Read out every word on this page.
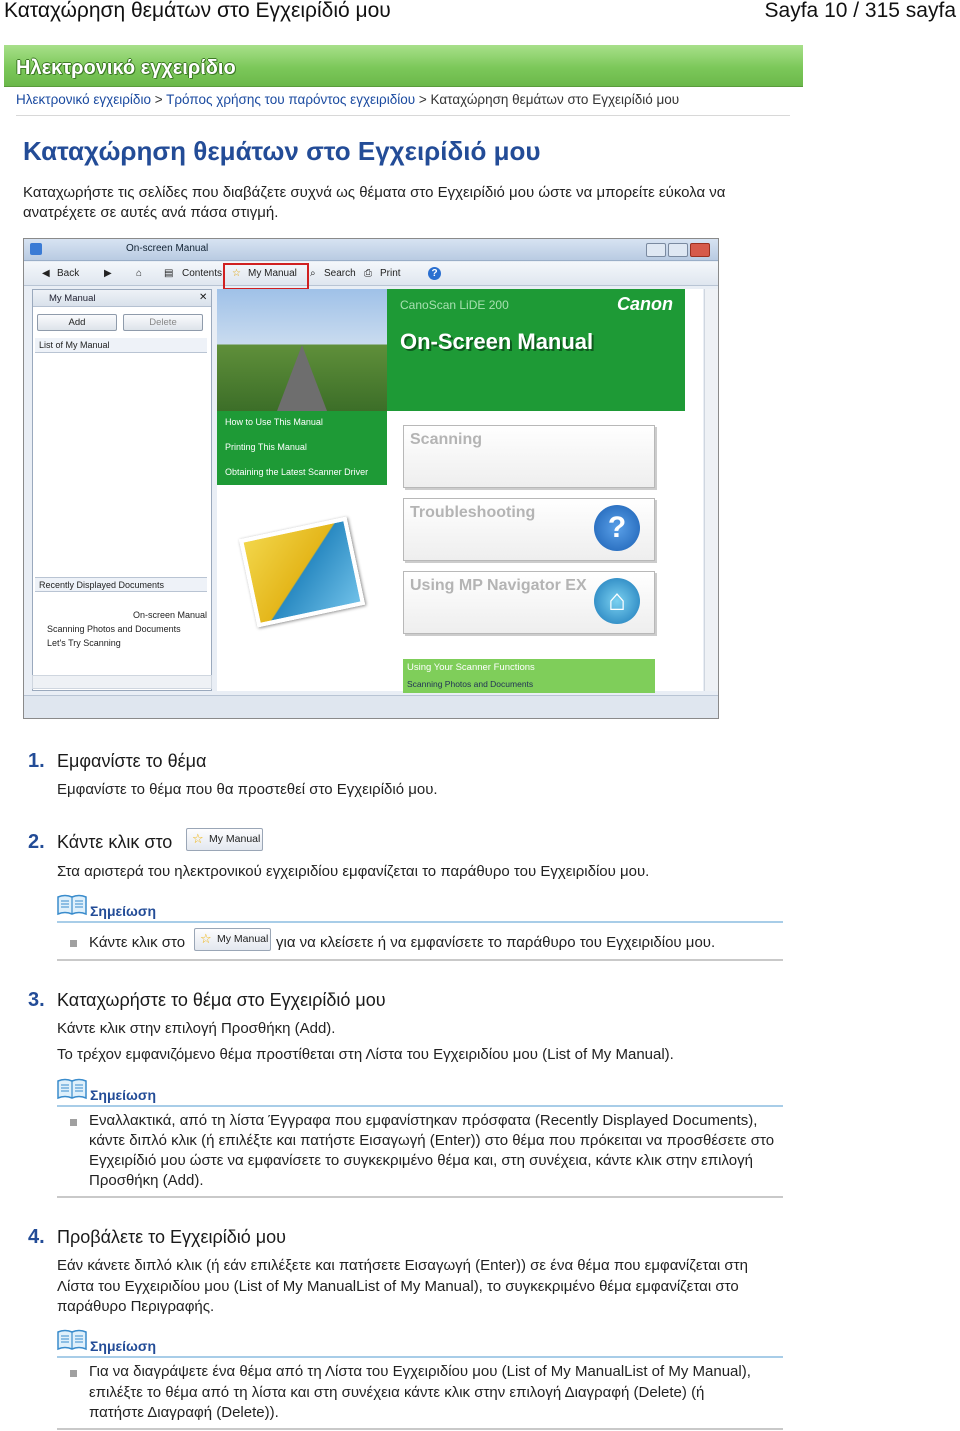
Καταχώρηση θεμάτων στο Εγχειρίδιό μου	Sayfa 10 / 315 sayfa
Ηλεκτρονικό εγχειρίδιο
Ηλεκτρονικό εγχειρίδιο > Τρόπος χρήσης του παρόντος εγχειριδίου > Καταχώρηση θεμάτων στο Εγχειρίδιό μου
Καταχώρηση θεμάτων στο Εγχειρίδιό μου
Καταχωρήστε τις σελίδες που διαβάζετε συχνά ως θέματα στο Εγχειρίδιό μου ώστε να μπορείτε εύκολα να ανατρέχετε σε αυτές ανά πάσα στιγμή.
On-screen Manual
◀ Back ▶ ⌂ ▤ Contents ☆ My Manual ⌕ Search ⎙ Print	?
My Manual	✕
Add	Delete
List of My Manual
Recently Displayed Documents
On-screen Manual
Scanning Photos and Documents
Let's Try Scanning
CanoScan LiDE 200
On-Screen Manual
Canon
How to Use This Manual
Printing This Manual
Obtaining the Latest Scanner Driver
Scanning
Troubleshooting	?
Using MP Navigator EX ⌂
Using Your Scanner Functions
Scanning Photos and Documents
1. Εμφανίστε το θέμα
Εμφανίστε το θέμα που θα προστεθεί στο Εγχειρίδιό μου.
2. Κάντε κλικ στο ☆ My Manual
Στα αριστερά του ηλεκτρονικού εγχειριδίου εμφανίζεται το παράθυρο του Εγχειριδίου μου.
Σημείωση
Κάντε κλικ στο ☆ My Manual για να κλείσετε ή να εμφανίσετε το παράθυρο του Εγχειριδίου μου.
3. Καταχωρήστε το θέμα στο Εγχειρίδιό μου
Κάντε κλικ στην επιλογή Προσθήκη (Add).
Το τρέχον εμφανιζόμενο θέμα προστίθεται στη Λίστα του Εγχειριδίου μου (List of My Manual).
Σημείωση
Εναλλακτικά, από τη λίστα Έγγραφα που εμφανίστηκαν πρόσφατα (Recently Displayed Documents), κάντε διπλό κλικ (ή επιλέξτε και πατήστε Εισαγωγή (Enter)) στο θέμα που πρόκειται να προσθέσετε στο Εγχειρίδιό μου ώστε να εμφανίσετε το συγκεκριμένο θέμα και, στη συνέχεια, κάντε κλικ στην επιλογή Προσθήκη (Add).
4. Προβάλετε το Εγχειρίδιό μου
Εάν κάνετε διπλό κλικ (ή εάν επιλέξετε και πατήσετε Εισαγωγή (Enter)) σε ένα θέμα που εμφανίζεται στη Λίστα του Εγχειριδίου μου (List of My ManualList of My Manual), το συγκεκριμένο θέμα εμφανίζεται στο παράθυρο Περιγραφής.
Σημείωση
Για να διαγράψετε ένα θέμα από τη Λίστα του Εγχειριδίου μου (List of My ManualList of My Manual), επιλέξτε το θέμα από τη λίστα και στη συνέχεια κάντε κλικ στην επιλογή Διαγραφή (Delete) (ή πατήστε Διαγραφή (Delete)).
